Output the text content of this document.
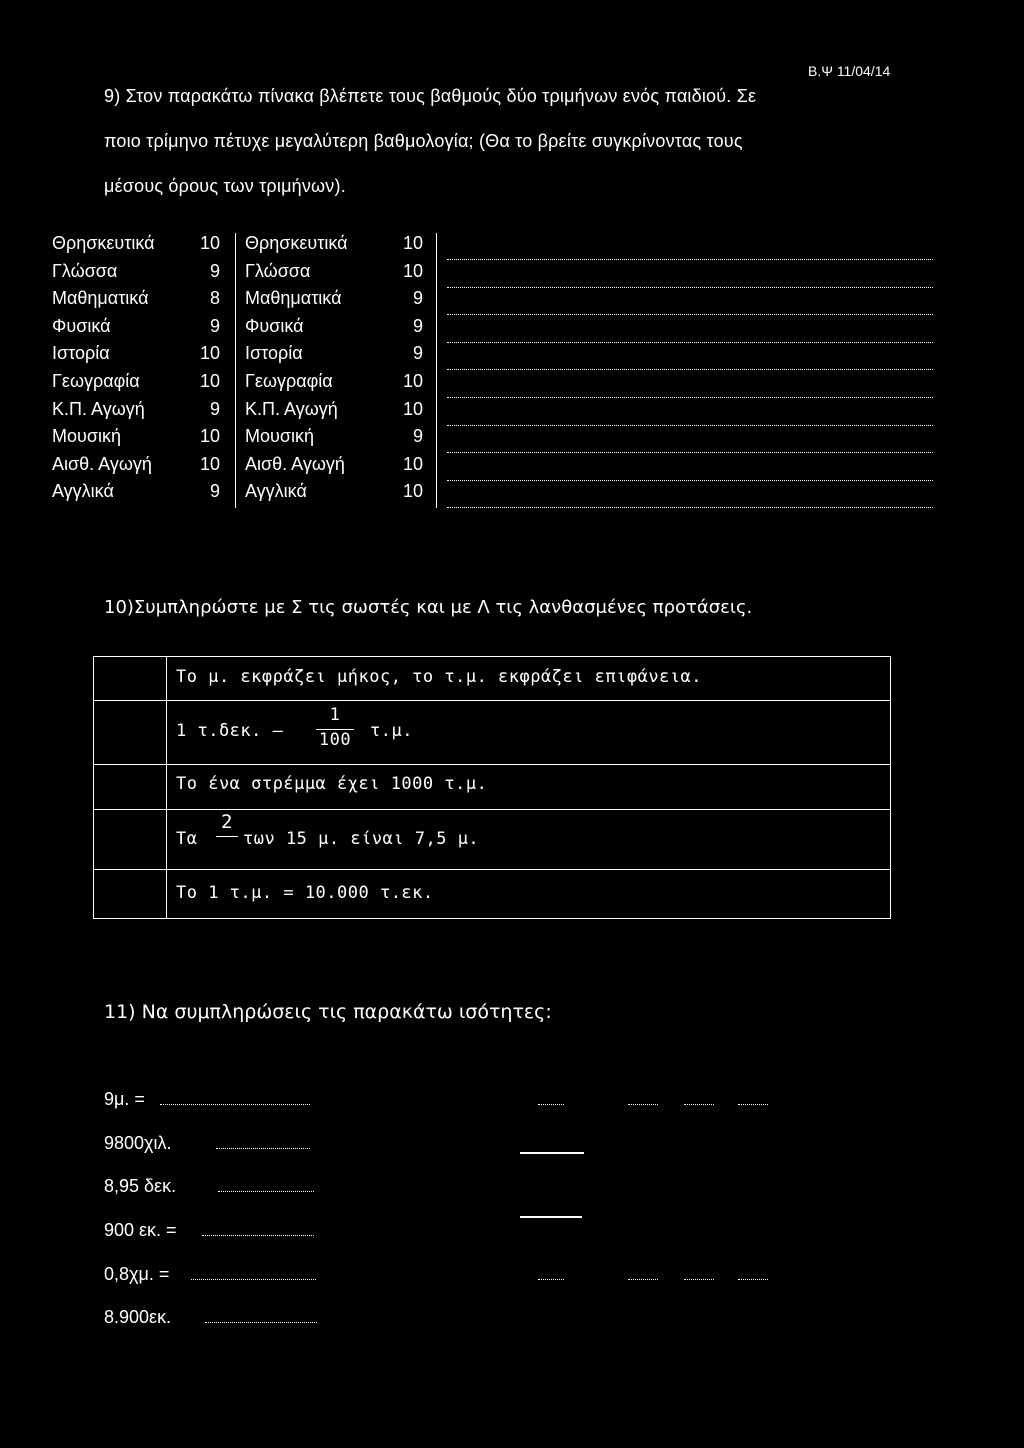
Β.Ψ 11/04/14
9) Στον παρακάτω πίνακα βλέπετε τους βαθμούς δύο τριμήνων ενός παιδιού. Σε
ποιο τρίμηνο πέτυχε μεγαλύτερη βαθμολογία; (Θα το βρείτε συγκρίνοντας τους
μέσους όρους των τριμήνων).
Θρησκευτικά	10 Θρησκευτικά	10
Γλώσσα	9 Γλώσσα	10
Μαθηματικά	8 Μαθηματικά	9
Φυσικά	9 Φυσικά	9
Ιστορία	10 Ιστορία	9
Γεωγραφία	10 Γεωγραφία	10
Κ.Π. Αγωγή	9 Κ.Π. Αγωγή	10
Μουσική	10 Μουσική	9
Αισθ. Αγωγή	10 Αισθ. Αγωγή	10
Αγγλικά	9 Αγγλικά	10
10)Συμπληρώστε με Σ τις σωστές και με Λ τις λανθασμένες προτάσεις.
Το μ. εκφράζει μήκος, το τ.μ. εκφράζει επιφάνεια.
1 τ.δεκ. –
1
100 τ.μ.
Το ένα στρέμμα έχει 1000 τ.μ.
Τα
2
των 15 μ. είναι 7,5 μ.
Το 1 τ.μ. = 10.000 τ.εκ.
11) Να συμπληρώσεις τις παρακάτω ισότητες:
9μ. =
9800χιλ.
8,95 δεκ.
900 εκ. =
0,8χμ. =
8.900εκ.
